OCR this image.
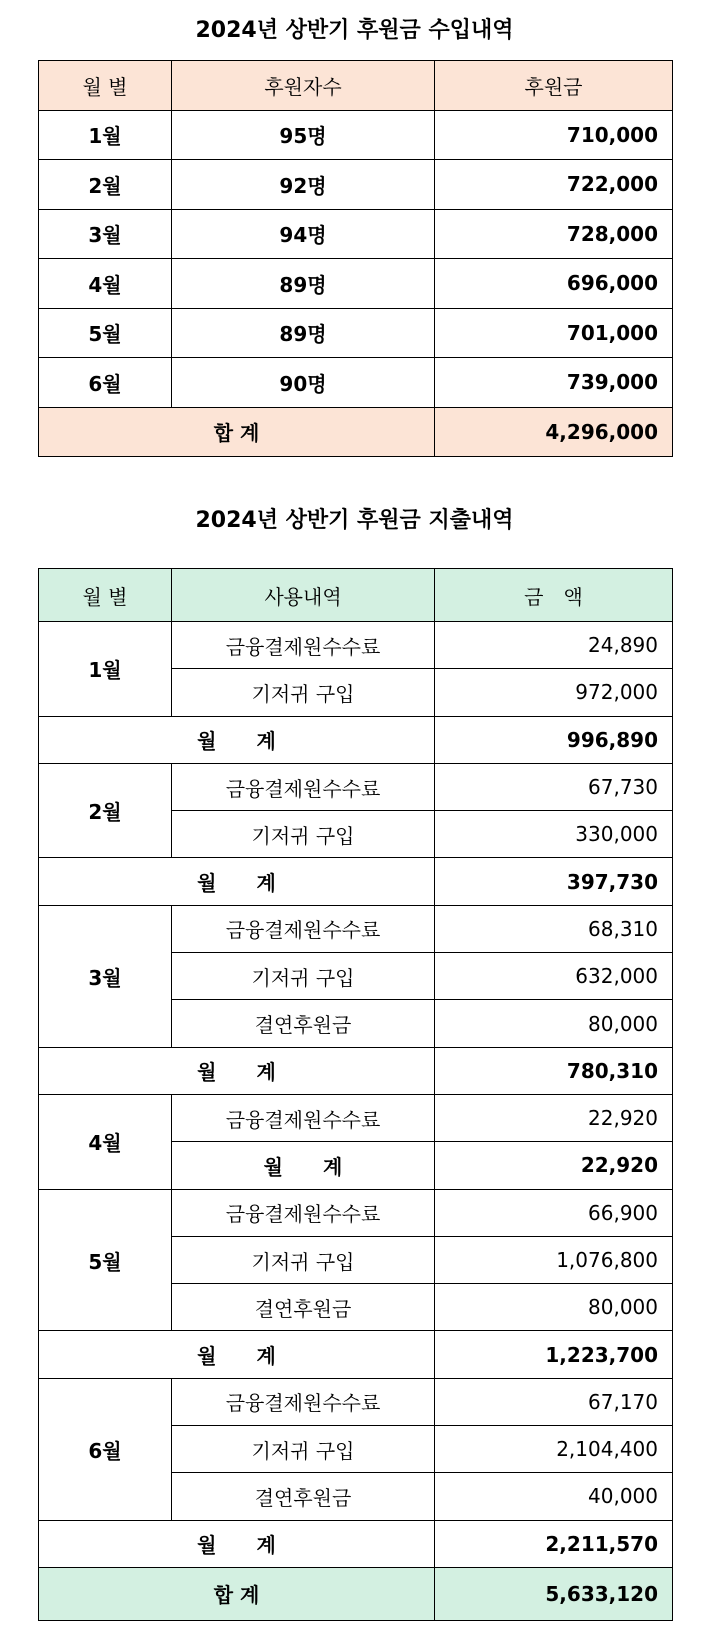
2024년 상반기 후원금 수입내역
월 별	후원자수	후원금
1월	95명	710,000
2월	92명	722,000
3월	94명	728,000
4월	89명	696,000
5월	89명	701,000
6월	90명	739,000
합 계		4,296,000
2024년 상반기 후원금 지출내역
월 별	사용내역	금　액
1월	금융결제원수수료	24,890
	기저귀 구입	972,000
월　　계		996,890
2월	금융결제원수수료	67,730
	기저귀 구입	330,000
월　　계		397,730
3월	금융결제원수수료	68,310
	기저귀 구입	632,000
	결연후원금	80,000
월　　계		780,310
4월	금융결제원수수료	22,920
	월　　계	22,920
5월	금융결제원수수료	66,900
	기저귀 구입	1,076,800
	결연후원금	80,000
월　　계		1,223,700
6월	금융결제원수수료	67,170
	기저귀 구입	2,104,400
	결연후원금	40,000
월　　계		2,211,570
합 계		5,633,120
